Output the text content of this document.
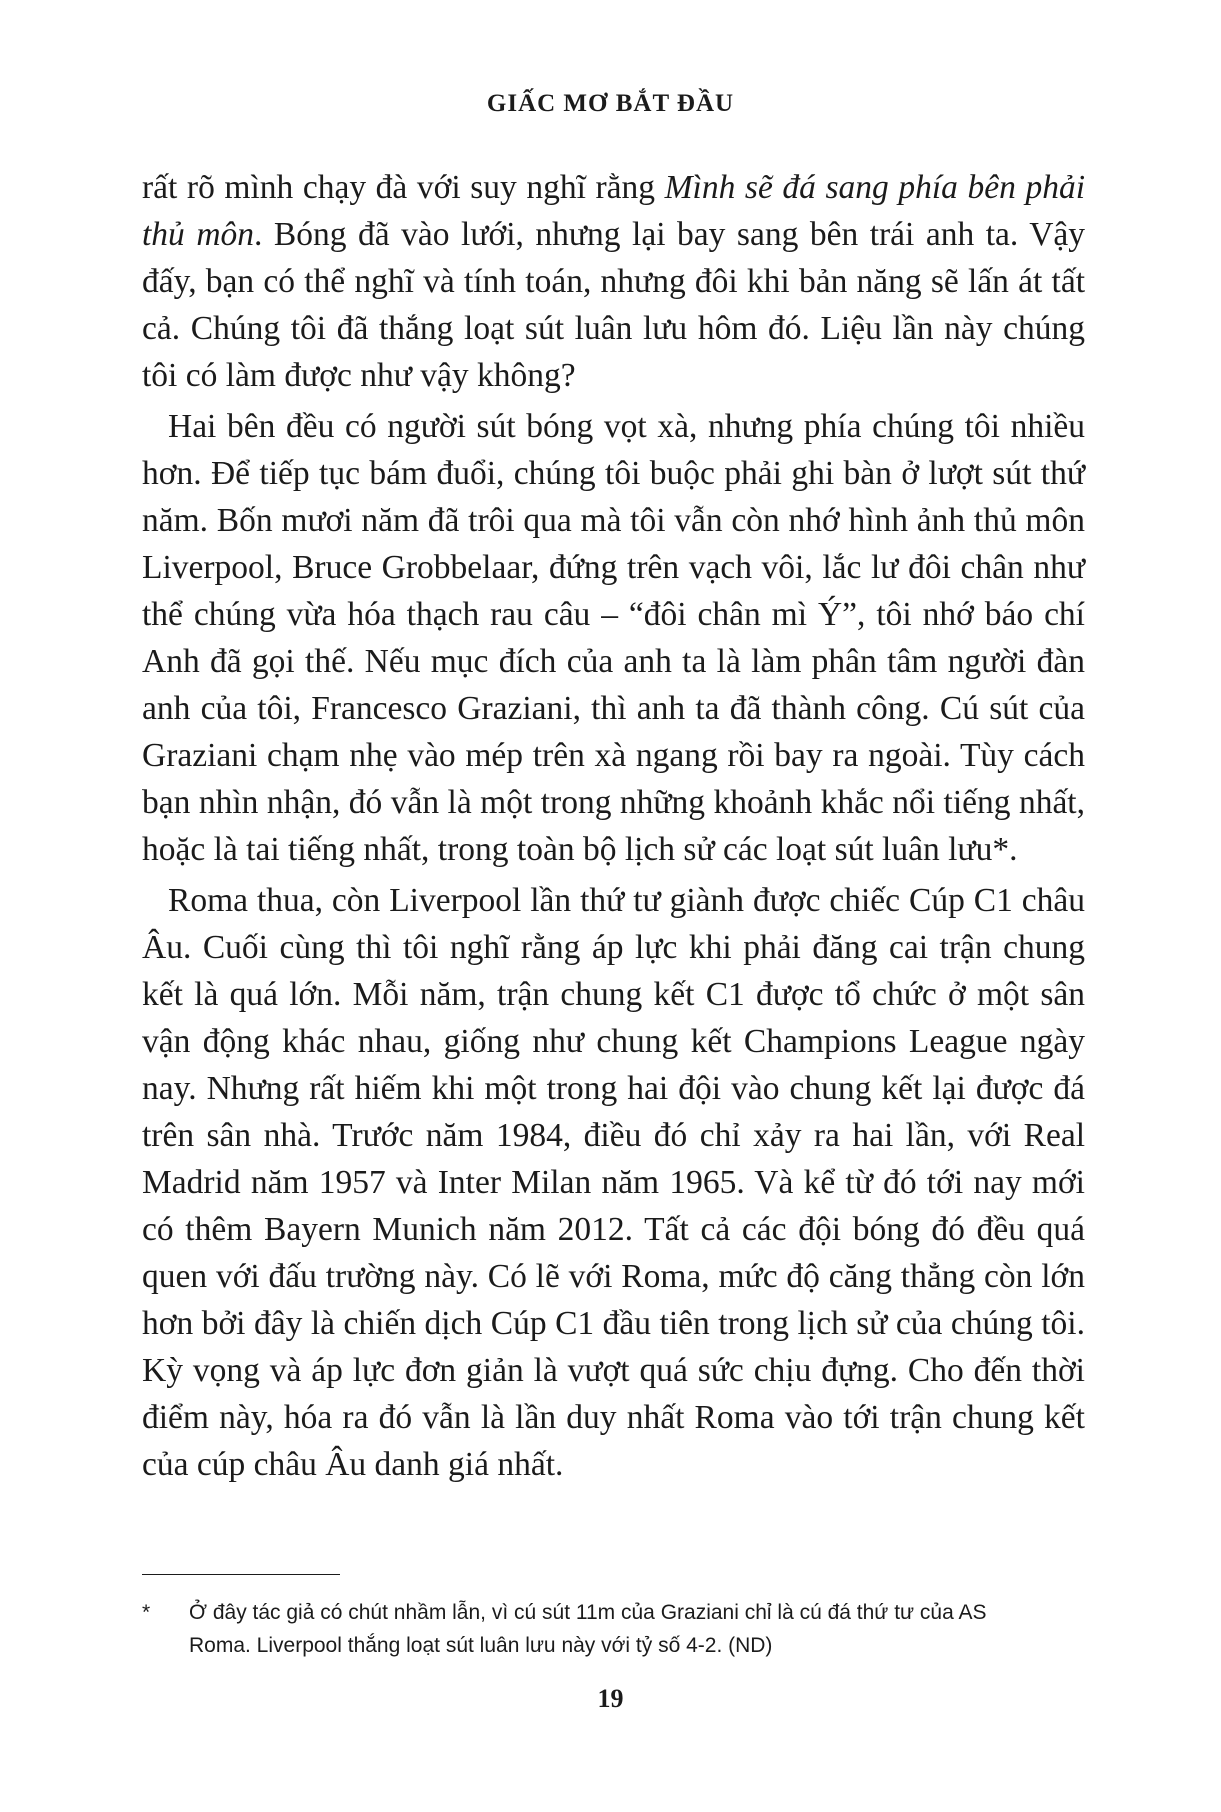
GIẤC MƠ BẮT ĐẦU

rất rõ mình chạy đà với suy nghĩ rằng Mình sẽ đá sang phía bên phải thủ môn. Bóng đã vào lưới, nhưng lại bay sang bên trái anh ta. Vậy đấy, bạn có thể nghĩ và tính toán, nhưng đôi khi bản năng sẽ lấn át tất cả. Chúng tôi đã thắng loạt sút luân lưu hôm đó. Liệu lần này chúng tôi có làm được như vậy không?

Hai bên đều có người sút bóng vọt xà, nhưng phía chúng tôi nhiều hơn. Để tiếp tục bám đuổi, chúng tôi buộc phải ghi bàn ở lượt sút thứ năm. Bốn mươi năm đã trôi qua mà tôi vẫn còn nhớ hình ảnh thủ môn Liverpool, Bruce Grobbelaar, đứng trên vạch vôi, lắc lư đôi chân như thể chúng vừa hóa thạch rau câu – “đôi chân mì Ý”, tôi nhớ báo chí Anh đã gọi thế. Nếu mục đích của anh ta là làm phân tâm người đàn anh của tôi, Francesco Graziani, thì anh ta đã thành công. Cú sút của Graziani chạm nhẹ vào mép trên xà ngang rồi bay ra ngoài. Tùy cách bạn nhìn nhận, đó vẫn là một trong những khoảnh khắc nổi tiếng nhất, hoặc là tai tiếng nhất, trong toàn bộ lịch sử các loạt sút luân lưu*.

Roma thua, còn Liverpool lần thứ tư giành được chiếc Cúp C1 châu Âu. Cuối cùng thì tôi nghĩ rằng áp lực khi phải đăng cai trận chung kết là quá lớn. Mỗi năm, trận chung kết C1 được tổ chức ở một sân vận động khác nhau, giống như chung kết Champions League ngày nay. Nhưng rất hiếm khi một trong hai đội vào chung kết lại được đá trên sân nhà. Trước năm 1984, điều đó chỉ xảy ra hai lần, với Real Madrid năm 1957 và Inter Milan năm 1965. Và kể từ đó tới nay mới có thêm Bayern Munich năm 2012. Tất cả các đội bóng đó đều quá quen với đấu trường này. Có lẽ với Roma, mức độ căng thẳng còn lớn hơn bởi đây là chiến dịch Cúp C1 đầu tiên trong lịch sử của chúng tôi. Kỳ vọng và áp lực đơn giản là vượt quá sức chịu đựng. Cho đến thời điểm này, hóa ra đó vẫn là lần duy nhất Roma vào tới trận chung kết của cúp châu Âu danh giá nhất.

* Ở đây tác giả có chút nhầm lẫn, vì cú sút 11m của Graziani chỉ là cú đá thứ tư của AS Roma. Liverpool thắng loạt sút luân lưu này với tỷ số 4-2. (ND)
19
